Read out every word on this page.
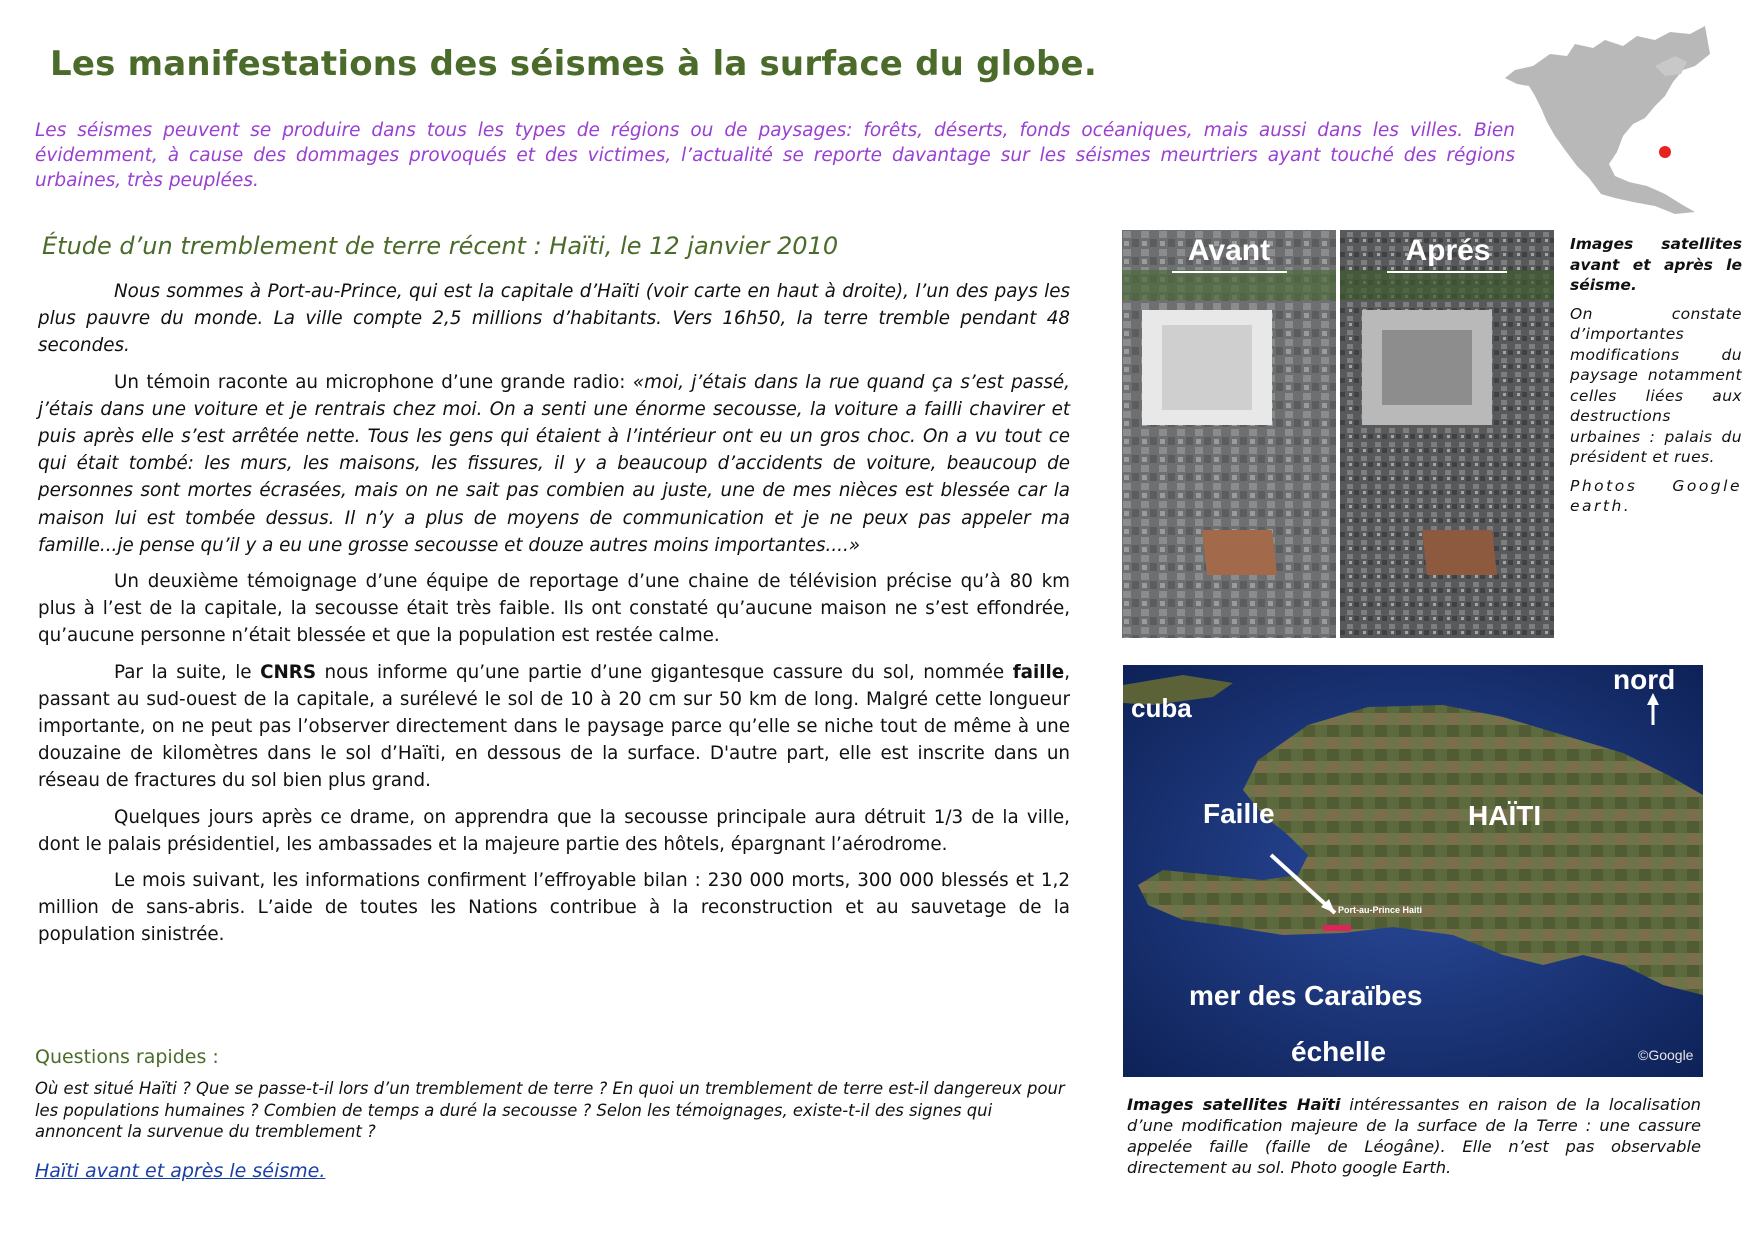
Les manifestations des séismes à la surface du globe.
Les séismes peuvent se produire dans tous les types de régions ou de paysages: forêts, déserts, fonds océaniques, mais aussi dans les villes. Bien évidemment, à cause des dommages provoqués et des victimes, l’actualité se reporte davantage sur les séismes meurtriers ayant touché des régions urbaines, très peuplées.
Étude d’un tremblement de terre récent : Haïti, le 12 janvier 2010

Nous sommes à Port-au-Prince, qui est la capitale d’Haïti (voir carte en haut à droite), l’un des pays les plus pauvre du monde. La ville compte 2,5 millions d’habitants. Vers 16h50, la terre tremble pendant 48 secondes.

Un témoin raconte au microphone d’une grande radio: «moi, j’étais dans la rue quand ça s’est passé, j’étais dans une voiture et je rentrais chez moi. On a senti une énorme secousse, la voiture a failli chavirer et puis après elle s’est arrêtée nette. Tous les gens qui étaient à l’intérieur ont eu un gros choc. On a vu tout ce qui était tombé: les murs, les maisons, les fissures, il y a beaucoup d’accidents de voiture, beaucoup de personnes sont mortes écrasées, mais on ne sait pas combien au juste, une de mes nièces est blessée car la maison lui est tombée dessus. Il n’y a plus de moyens de communication et je ne peux pas appeler ma famille...je pense qu’il y a eu une grosse secousse et douze autres moins importantes....»

Un deuxième témoignage d’une équipe de reportage d’une chaine de télévision précise qu’à 80 km plus à l’est de la capitale, la secousse était très faible. Ils ont constaté qu’aucune maison ne s’est effondrée, qu’aucune personne n’était blessée et que la population est restée calme.

Par la suite, le CNRS nous informe qu’une partie d’une gigantesque cassure du sol, nommée faille, passant au sud-ouest de la capitale, a surélevé le sol de 10 à 20 cm sur 50 km de long. Malgré cette longueur importante, on ne peut pas l’observer directement dans le paysage parce qu’elle se niche tout de même à une douzaine de kilomètres dans le sol d’Haïti, en dessous de la surface. D'autre part, elle est inscrite dans un réseau de fractures du sol bien plus grand.

Quelques jours après ce drame, on apprendra que la secousse principale aura détruit 1/3 de la ville, dont le palais présidentiel, les ambassades et la majeure partie des hôtels, épargnant l’aérodrome.

Le mois suivant, les informations confirment l’effroyable bilan : 230 000 morts, 300 000 blessés et 1,2 million de sans-abris. L’aide de toutes les Nations contribue à la reconstruction et au sauvetage de la population sinistrée.

Questions rapides :
Où est situé Haïti ? Que se passe-t-il lors d’un tremblement de terre ? En quoi un tremblement de terre est-il dangereux pour les populations humaines ? Combien de temps a duré la secousse ? Selon les témoignages, existe-t-il des signes qui annoncent la survenue du tremblement ?
Haïti avant et après le séisme.
Avant	Aprés	Images satellites avant et après le séisme.
On constate d’importantes modifications du paysage notamment celles liées aux destructions urbaines : palais du président et rues.
Photos Google earth.
cuba
nord
Faille	HAÏTI
Port-au-Prince Haiti
mer des Caraïbes
échelle	©Google
Images satellites Haïti intéressantes en raison de la localisation d’une modification majeure de la surface de la Terre : une cassure appelée faille (faille de Léogâne). Elle n’est pas observable directement au sol. Photo google Earth.
